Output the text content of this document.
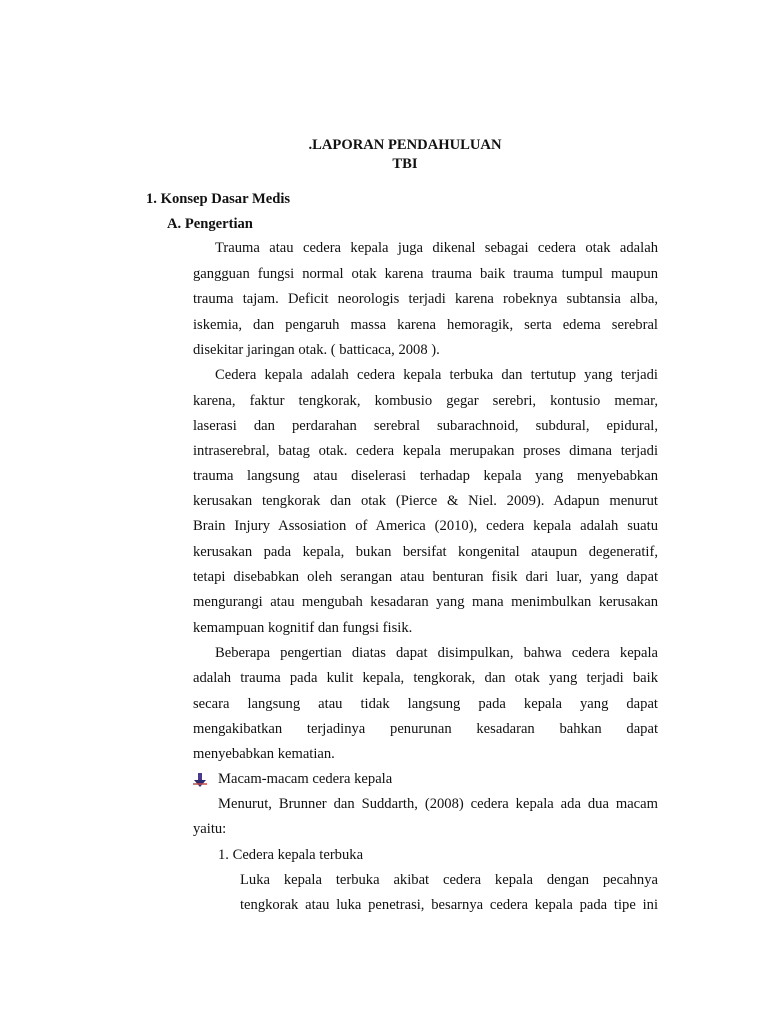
.LAPORAN PENDAHULUAN
TBI
1. Konsep Dasar Medis
A. Pengertian
Trauma atau cedera kepala juga dikenal sebagai cedera otak adalah
gangguan fungsi normal otak karena trauma baik trauma tumpul maupun
trauma tajam. Deficit neorologis terjadi karena robeknya subtansia alba,
iskemia, dan pengaruh massa karena hemoragik, serta edema serebral
disekitar jaringan otak. ( batticaca, 2008 ).
Cedera kepala adalah cedera kepala terbuka dan tertutup yang terjadi
karena, faktur tengkorak, kombusio gegar serebri, kontusio memar,
laserasi dan perdarahan serebral subarachnoid, subdural, epidural,
intraserebral, batag otak. cedera kepala merupakan proses dimana terjadi
trauma langsung atau diselerasi terhadap kepala yang menyebabkan
kerusakan tengkorak dan otak (Pierce & Niel. 2009). Adapun menurut
Brain Injury Assosiation of America (2010), cedera kepala adalah suatu
kerusakan pada kepala, bukan bersifat kongenital ataupun degeneratif,
tetapi disebabkan oleh serangan atau benturan fisik dari luar, yang dapat
mengurangi atau mengubah kesadaran yang mana menimbulkan kerusakan
kemampuan kognitif dan fungsi fisik.
Beberapa pengertian diatas dapat disimpulkan, bahwa cedera kepala
adalah trauma pada kulit kepala, tengkorak, dan otak yang terjadi baik
secara langsung atau tidak langsung pada kepala yang dapat
mengakibatkan terjadinya penurunan kesadaran bahkan dapat
menyebabkan kematian.
Macam-macam cedera kepala
Menurut, Brunner dan Suddarth, (2008) cedera kepala ada dua macam
yaitu:
1. Cedera kepala terbuka
Luka kepala terbuka akibat cedera kepala dengan pecahnya
tengkorak atau luka penetrasi, besarnya cedera kepala pada tipe ini
